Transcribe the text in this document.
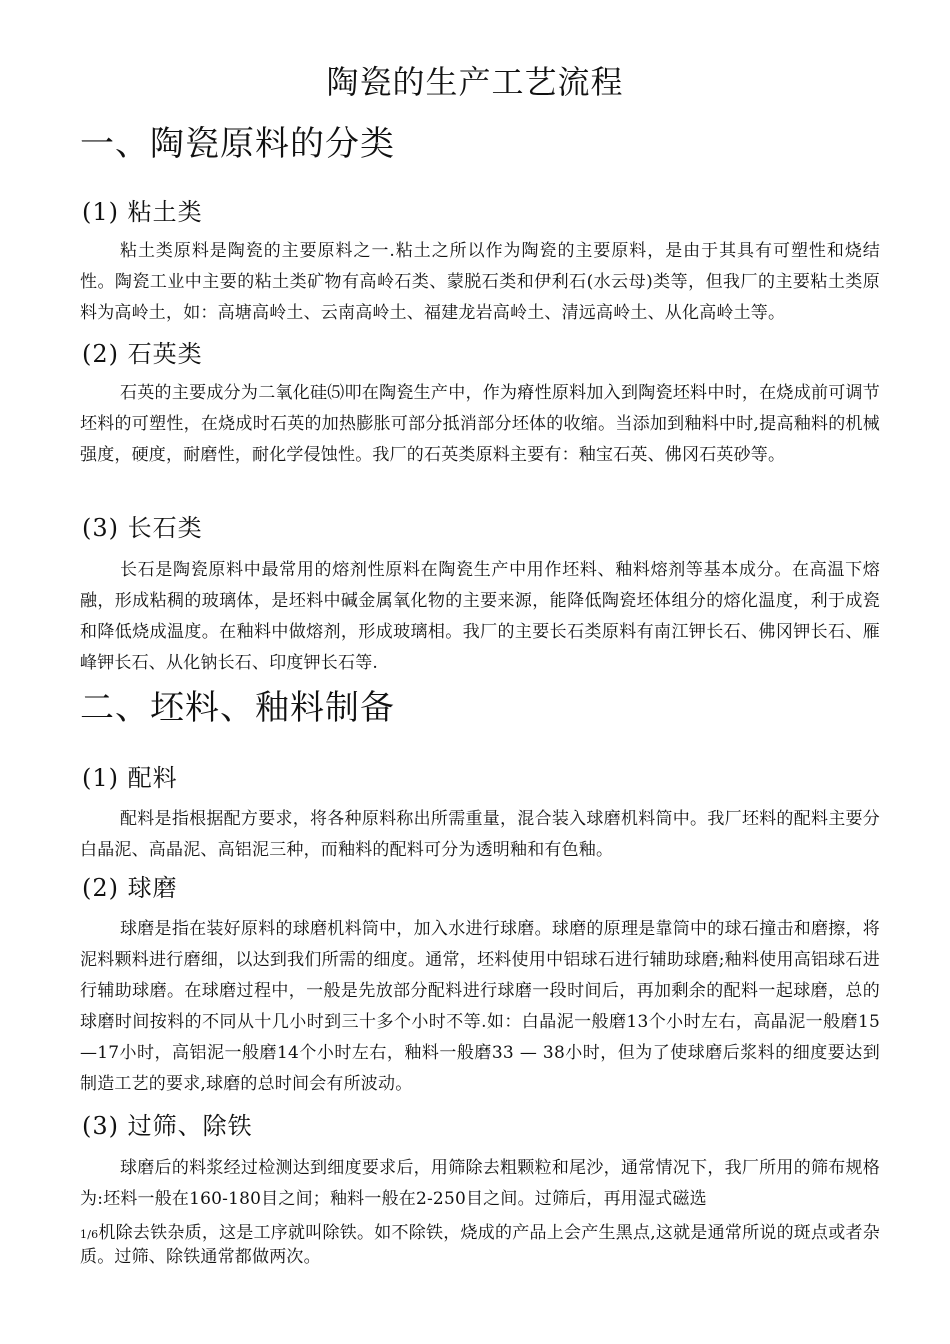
陶瓷的生产工艺流程
一、陶瓷原料的分类
(1) 粘土类
粘土类原料是陶瓷的主要原料之一.粘土之所以作为陶瓷的主要原料，是由于其具有可塑性和烧结性。陶瓷工业中主要的粘土类矿物有高岭石类、蒙脱石类和伊利石(水云母)类等，但我厂的主要粘土类原料为高岭土，如：高塘高岭土、云南高岭土、福建龙岩高岭土、清远高岭土、从化高岭土等。
(2) 石英类
石英的主要成分为二氧化硅⑸叩在陶瓷生产中，作为瘠性原料加入到陶瓷坯料中时，在烧成前可调节坯料的可塑性，在烧成时石英的加热膨胀可部分抵消部分坯体的收缩。当添加到釉料中时,提高釉料的机械强度，硬度，耐磨性，耐化学侵蚀性。我厂的石英类原料主要有：釉宝石英、佛冈石英砂等。
(3) 长石类
长石是陶瓷原料中最常用的熔剂性原料在陶瓷生产中用作坯料、釉料熔剂等基本成分。在高温下熔融，形成粘稠的玻璃体，是坯料中碱金属氧化物的主要来源，能降低陶瓷坯体组分的熔化温度，利于成瓷和降低烧成温度。在釉料中做熔剂，形成玻璃相。我厂的主要长石类原料有南江钾长石、佛冈钾长石、雁峰钾长石、从化钠长石、印度钾长石等.
二、坯料、釉料制备
(1) 配料
配料是指根据配方要求，将各种原料称出所需重量，混合装入球磨机料筒中。我厂坯料的配料主要分白晶泥、高晶泥、高铝泥三种，而釉料的配料可分为透明釉和有色釉。
(2) 球磨
球磨是指在装好原料的球磨机料筒中，加入水进行球磨。球磨的原理是靠筒中的球石撞击和磨擦，将泥料颗料进行磨细，以达到我们所需的细度。通常，坯料使用中铝球石进行辅助球磨;釉料使用高铝球石进行辅助球磨。在球磨过程中，一般是先放部分配料进行球磨一段时间后，再加剩余的配料一起球磨，总的球磨时间按料的不同从十几小时到三十多个小时不等.如：白晶泥一般磨13个小时左右，高晶泥一般磨15 —17小时，高铝泥一般磨14个小时左右，釉料一般磨33 — 38小时，但为了使球磨后浆料的细度要达到制造工艺的要求,球磨的总时间会有所波动。
(3) 过筛、除铁
球磨后的料浆经过检测达到细度要求后，用筛除去粗颗粒和尾沙，通常情况下，我厂所用的筛布规格为:坯料一般在160-180目之间；釉料一般在2-250目之间。过筛后，再用湿式磁选
1/6机除去铁杂质，这是工序就叫除铁。如不除铁，烧成的产品上会产生黑点,这就是通常所说的斑点或者杂质。过筛、除铁通常都做两次。
